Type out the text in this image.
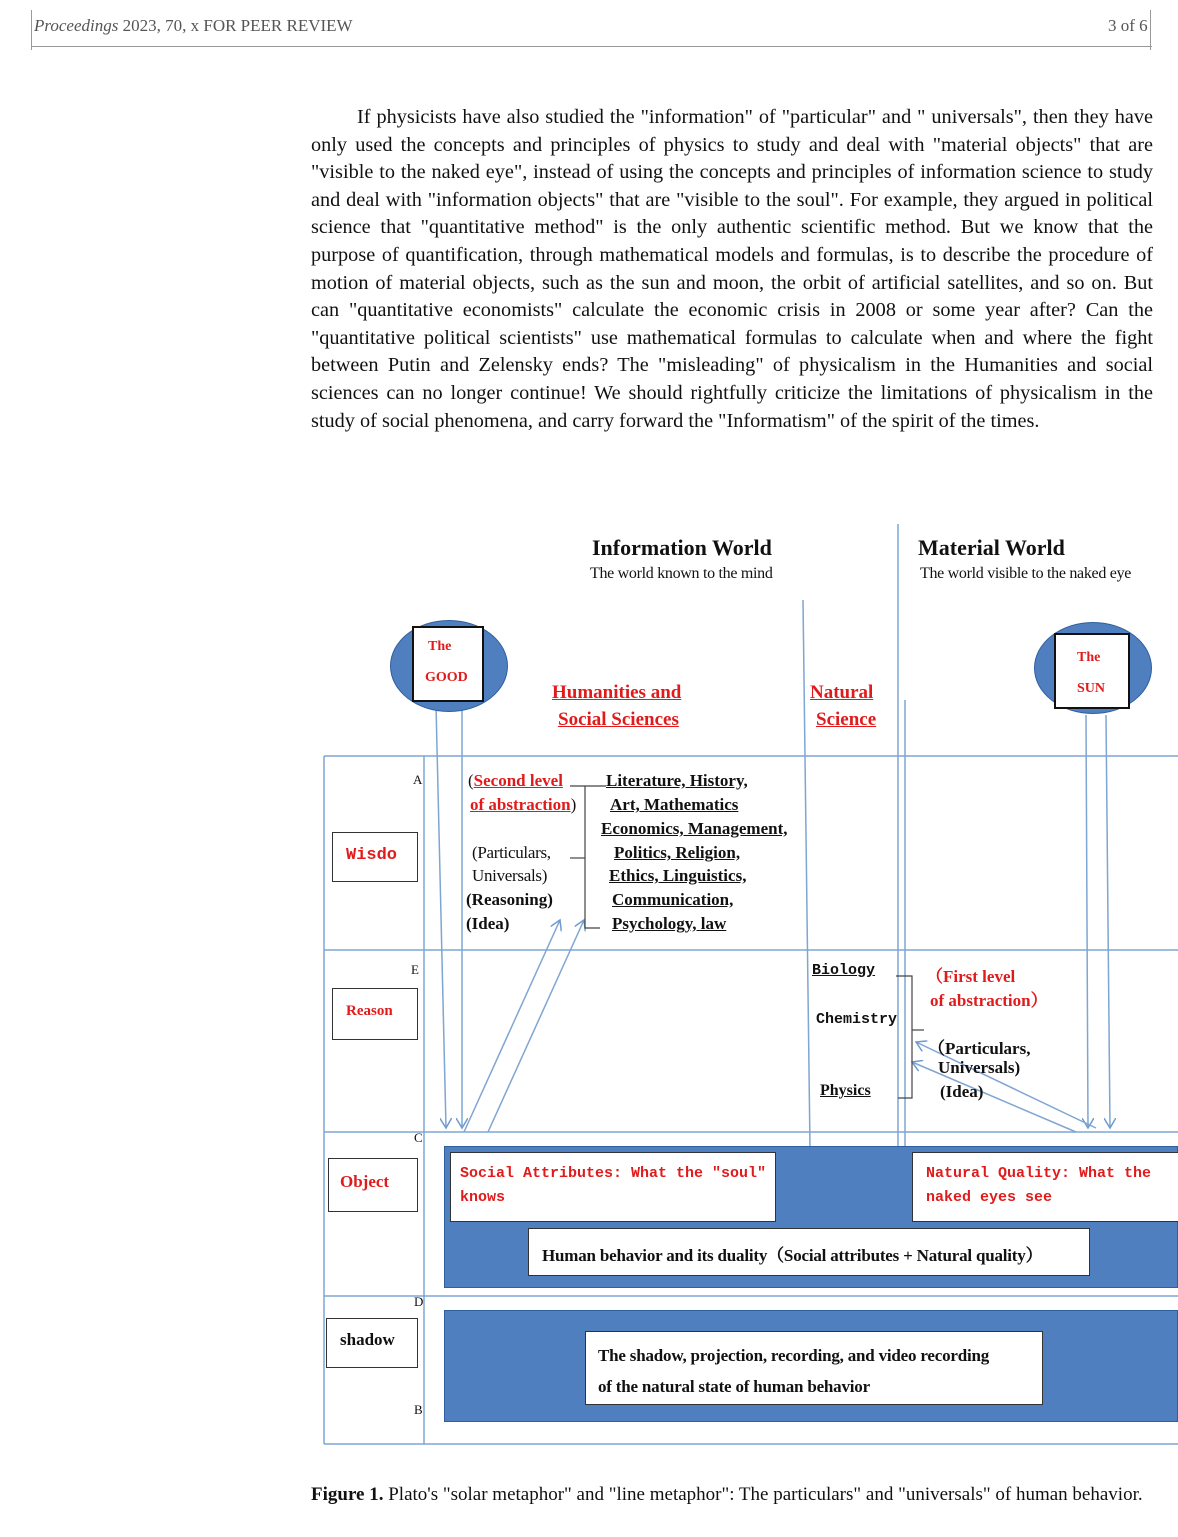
Proceedings 2023, 70, x FOR PEER REVIEW	3 of 6

If physicists have also studied the "information" of "particular" and " universals", then they have only used the concepts and principles of physics to study and deal with "material objects" that are "visible to the naked eye", instead of using the concepts and principles of information science to study and deal with "information objects" that are "visible to the soul". For example, they argued in political science that "quantitative method" is the only authentic scientific method. But we know that the purpose of quantification, through mathematical models and formulas, is to describe the procedure of motion of material objects, such as the sun and moon, the orbit of artificial satellites, and so on. But can "quantitative economists" calculate the economic crisis in 2008 or some year after? Can the "quantitative political scientists" use mathematical formulas to calculate when and where the fight between Putin and Zelensky ends? The "misleading" of physicalism in the Humanities and social sciences can no longer continue! We should rightfully criticize the limitations of physicalism in the study of social phenomena, and carry forward the "Informatism" of the spirit of the times.

Information World
The world known to the mind
Material World
The world visible to the naked eye
The
GOOD
The
SUN
Humanities and
Social Sciences
Natural
Science
A
E
C
D
B
Wisdo
Reason
Object
shadow
(Second level
of abstraction)
(Particulars,
Universals)
(Reasoning)
(Idea)
Literature, History,
Art, Mathematics
Economics, Management,
Politics, Religion,
Ethics, Linguistics,
Communication,
Psychology, law
Biology
Chemistry
Physics
（First level
of abstraction）
（Particulars,
Universals)
(Idea)
Social Attributes: What the "soul"
knows
Natural Quality: What the
naked eyes see
Human behavior and its duality（Social attributes + Natural quality）
The shadow, projection, recording, and video recording
of the natural state of human behavior
Figure 1. Plato's "solar metaphor" and "line metaphor": The particulars" and "universals" of human behavior.
